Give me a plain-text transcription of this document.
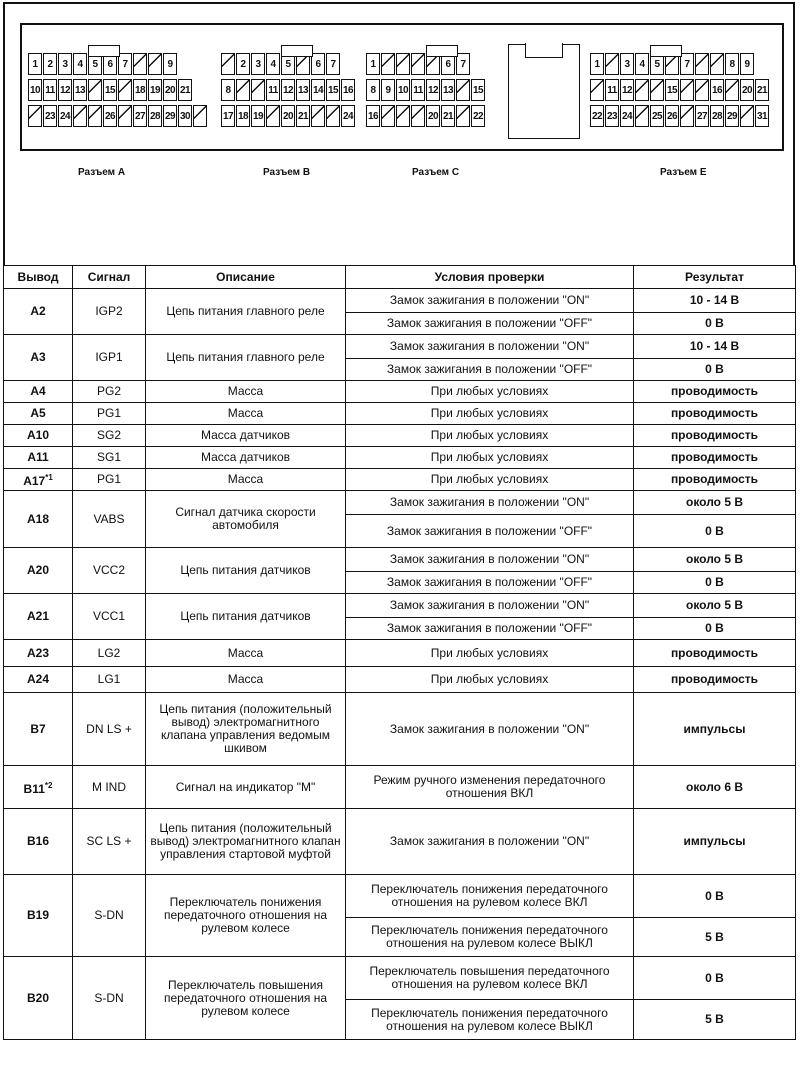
1 2 3 4 5 6 7	9
10 11 12 13 15 18 19 20 21
23 24	26 27 28 29 30
Разъем A
2 3 4 5	6 7
8	11 12 13 14 15 16
17 18 19 20 21	24
Разъем B
1	6 7
8 9 10 11 12 13 15
16	20 21 22
Разъем C
1	3 4 5	7	8 9
11 12	15	16 20 21
22 23 24 25 26 27 28 29 31
Разъем E
Вывод	Сигнал	Описание	Условия проверки	Результат
A2	IGP2	Цепь питания главного реле	Замок зажигания в положении "ON"	10 - 14 В
			Замок зажигания в положении "OFF"	0 В
A3	IGP1	Цепь питания главного реле	Замок зажигания в положении "ON"	10 - 14 В
			Замок зажигания в положении "OFF"	0 В
A4	PG2	Масса	При любых условиях	проводимость
A5	PG1	Масса	При любых условиях	проводимость
A10	SG2	Масса датчиков	При любых условиях	проводимость
A11	SG1	Масса датчиков	При любых условиях	проводимость
A17$^{*1}$	PG1	Масса	При любых условиях	проводимость
A18	VABS	Сигнал датчика скорости автомобиля	Замок зажигания в положении "ON"	около 5 В
			Замок зажигания в положении "OFF"	0 В
A20	VCC2	Цепь питания датчиков	Замок зажигания в положении "ON"	около 5 В
			Замок зажигания в положении "OFF"	0 В
A21	VCC1	Цепь питания датчиков	Замок зажигания в положении "ON"	около 5 В
			Замок зажигания в положении "OFF"	0 В
A23	LG2	Масса	При любых условиях	проводимость
A24	LG1	Масса	При любых условиях	проводимость
B7	DN LS +	Цепь питания (положительный вывод) электромагнитного клапана управления ведомым шкивом	Замок зажигания в положении "ON"	импульсы
B11$^{*2}$	M IND	Сигнал на индикатор "М"	Режим ручного изменения передаточного отношения ВКЛ	около 6 В
B16	SC LS +	Цепь питания (положительный вывод) электромагнитного клапан управления стартовой муфтой	Замок зажигания в положении "ON"	импульсы
B19	S-DN	Переключатель понижения передаточного отношения на рулевом колесе	Переключатель понижения передаточного отношения на рулевом колесе ВКЛ	0 В
			Переключатель понижения передаточного отношения на рулевом колесе ВЫКЛ	5 В
B20	S-DN	Переключатель повышения передаточного отношения на рулевом колесе	Переключатель повышения передаточного отношения на рулевом колесе ВКЛ	0 В
			Переключатель понижения передаточного отношения на рулевом колесе ВЫКЛ	5 В
